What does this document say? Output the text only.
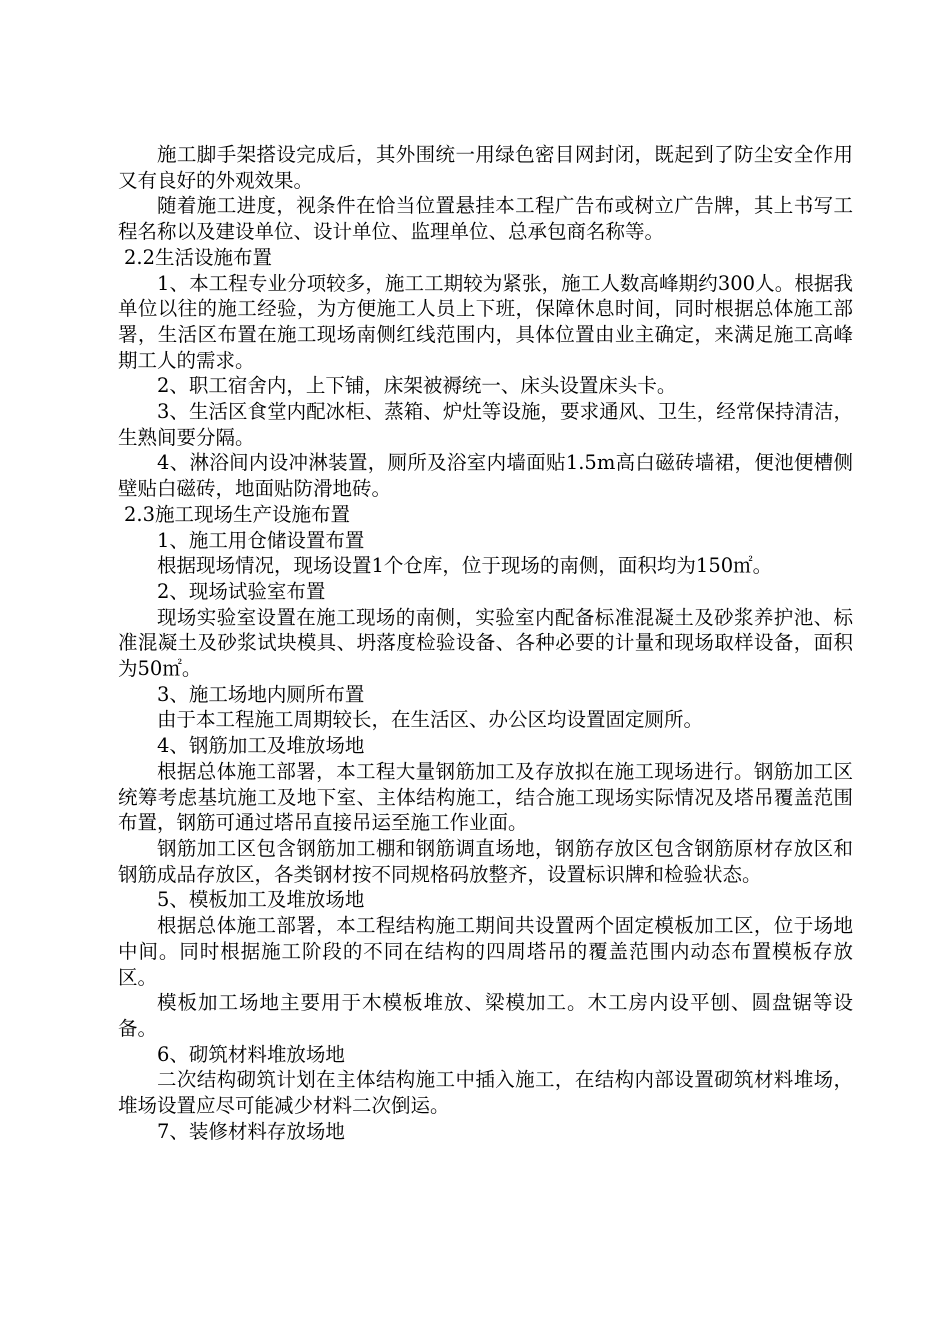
施工脚手架搭设完成后，其外围统一用绿色密目网封闭，既起到了防尘安全作用又有良好的外观效果。

随着施工进度，视条件在恰当位置悬挂本工程广告布或树立广告牌，其上书写工程名称以及建设单位、设计单位、监理单位、总承包商名称等。

2.2生活设施布置

1、本工程专业分项较多，施工工期较为紧张，施工人数高峰期约300人。根据我单位以往的施工经验，为方便施工人员上下班，保障休息时间，同时根据总体施工部署，生活区布置在施工现场南侧红线范围内，具体位置由业主确定，来满足施工高峰期工人的需求。

2、职工宿舍内，上下铺，床架被褥统一、床头设置床头卡。

3、生活区食堂内配冰柜、蒸箱、炉灶等设施，要求通风、卫生，经常保持清洁，生熟间要分隔。

4、淋浴间内设冲淋装置，厕所及浴室内墙面贴1.5m高白磁砖墙裙，便池便槽侧壁贴白磁砖，地面贴防滑地砖。

2.3施工现场生产设施布置

1、施工用仓储设置布置

根据现场情况，现场设置1个仓库，位于现场的南侧，面积均为150㎡。

2、现场试验室布置

现场实验室设置在施工现场的南侧，实验室内配备标准混凝土及砂浆养护池、标准混凝土及砂浆试块模具、坍落度检验设备、各种必要的计量和现场取样设备，面积为50㎡。

3、施工场地内厕所布置

由于本工程施工周期较长，在生活区、办公区均设置固定厕所。

4、钢筋加工及堆放场地

根据总体施工部署，本工程大量钢筋加工及存放拟在施工现场进行。钢筋加工区统筹考虑基坑施工及地下室、主体结构施工，结合施工现场实际情况及塔吊覆盖范围布置，钢筋可通过塔吊直接吊运至施工作业面。

钢筋加工区包含钢筋加工棚和钢筋调直场地，钢筋存放区包含钢筋原材存放区和钢筋成品存放区，各类钢材按不同规格码放整齐，设置标识牌和检验状态。

5、模板加工及堆放场地

根据总体施工部署，本工程结构施工期间共设置两个固定模板加工区，位于场地中间。同时根据施工阶段的不同在结构的四周塔吊的覆盖范围内动态布置模板存放区。

模板加工场地主要用于木模板堆放、梁模加工。木工房内设平刨、圆盘锯等设备。

6、砌筑材料堆放场地

二次结构砌筑计划在主体结构施工中插入施工，在结构内部设置砌筑材料堆场，堆场设置应尽可能减少材料二次倒运。

7、装修材料存放场地
